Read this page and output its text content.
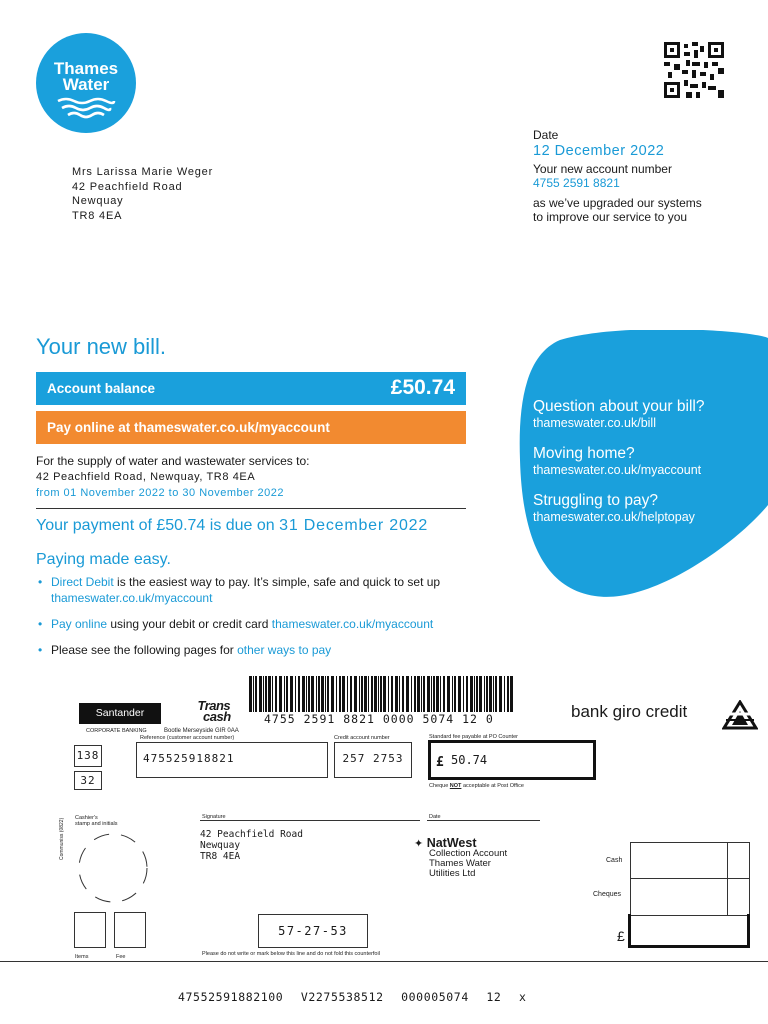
Thames
Water
Mrs Larissa Marie Weger
42 Peachfield Road
Newquay
TR8 4EA
Date
12 December 2022
Your new account number
4755 2591 8821
as we’ve upgraded our systems
to improve our service to you
Your new bill.
Account balance	£50.74
Pay online at thameswater.co.uk/myaccount
For the supply of water and wastewater services to:
42 Peachfield Road, Newquay, TR8 4EA
from 01 November 2022 to 30 November 2022
Your payment of £50.74 is due on 31 December 2022
Paying made easy.
• Direct Debit is the easiest way to pay. It’s simple, safe and quick to set up
thameswater.co.uk/myaccount
• Pay online using your debit or credit card thameswater.co.uk/myaccount
• Please see the following pages for other ways to pay
Question about your bill?
thameswater.co.uk/bill
Moving home?
thameswater.co.uk/myaccount
Struggling to pay?
thameswater.co.uk/helptopay
Santander
CORPORATE BANKING	Bootle Merseyside GIR 0AA
Reference (customer account number)
Trans
cash	4755 2591 8821 0000 5074 12 0	bank giro credit
138
32
475525918821
Credit account number
257 2753
Standard fee payable at PO Counter
£ 50.74
Cheque NOT acceptable at Post Office
Communiss (0822) Cashier's
stamp and initials
Signature	Date
42 Peachfield Road
Newquay
TR8 4EA
✦ NatWest
Collection Account
Thames Water
Utilities Ltd
Cash
Cheques
£
Items	Fee
57-27-53
Please do not write or mark below this line and do not fold this counterfoil
47552591882100 V2275538512 000005074 12 x
